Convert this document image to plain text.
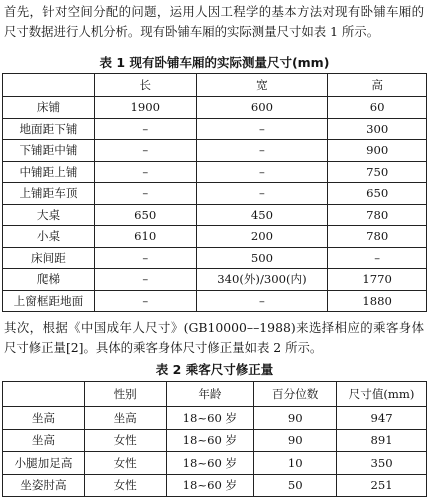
首先，针对空间分配的问题，运用人因工程学的基本方法对现有卧铺车厢的尺寸数据进行人机分析。现有卧铺车厢的实际测量尺寸如表 1 所示。

表 1 现有卧铺车厢的实际测量尺寸(mm)

	长	宽	高
床铺	1900	600	60
地面距下铺	–	–	300
下铺距中铺	–	–	900
中铺距上铺	–	–	750
上铺距车顶	–	–	650
大桌	650	450	780
小桌	610	200	780
床间距	–	500	–
爬梯	–	340(外)/300(内)	1770
上窗框距地面	–	–	1880

其次，根据《中国成年人尺寸》(GB10000––1988)来选择相应的乘客身体尺寸修正量[2]。具体的乘客身体尺寸修正量如表 2 所示。

表 2 乘客尺寸修正量

	性别	年龄	百分位数	尺寸值(mm)
坐高	坐高	18~60 岁	90	947
坐高	女性	18~60 岁	90	891
小腿加足高	女性	18~60 岁	10	350
坐姿肘高	女性	18~60 岁	50	251
